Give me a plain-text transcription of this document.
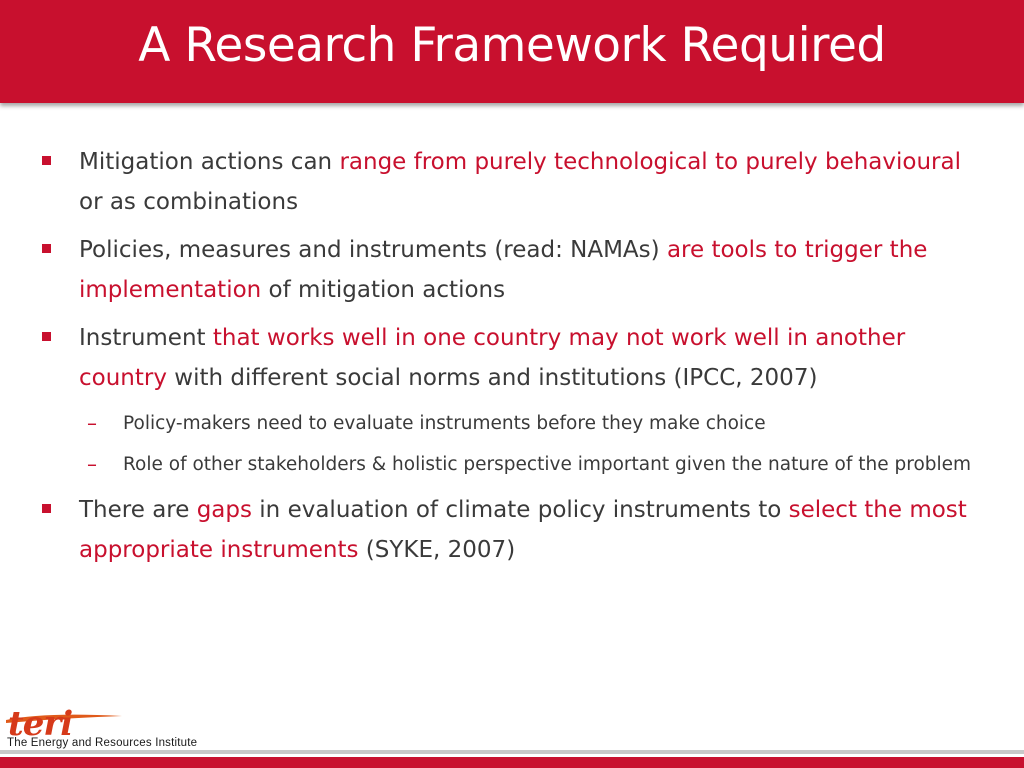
A Research Framework Required
Mitigation actions can range from purely technological to purely behavioural or as combinations
Policies, measures and instruments (read: NAMAs) are tools to trigger the implementation of mitigation actions
Instrument that works well in one country may not work well in another country with different social norms and institutions (IPCC, 2007)
– Policy-makers need to evaluate instruments before they make choice
– Role of other stakeholders & holistic perspective important given the nature of the problem
There are gaps in evaluation of climate policy instruments to select the most appropriate instruments (SYKE, 2007)
teri
The Energy and Resources Institute
